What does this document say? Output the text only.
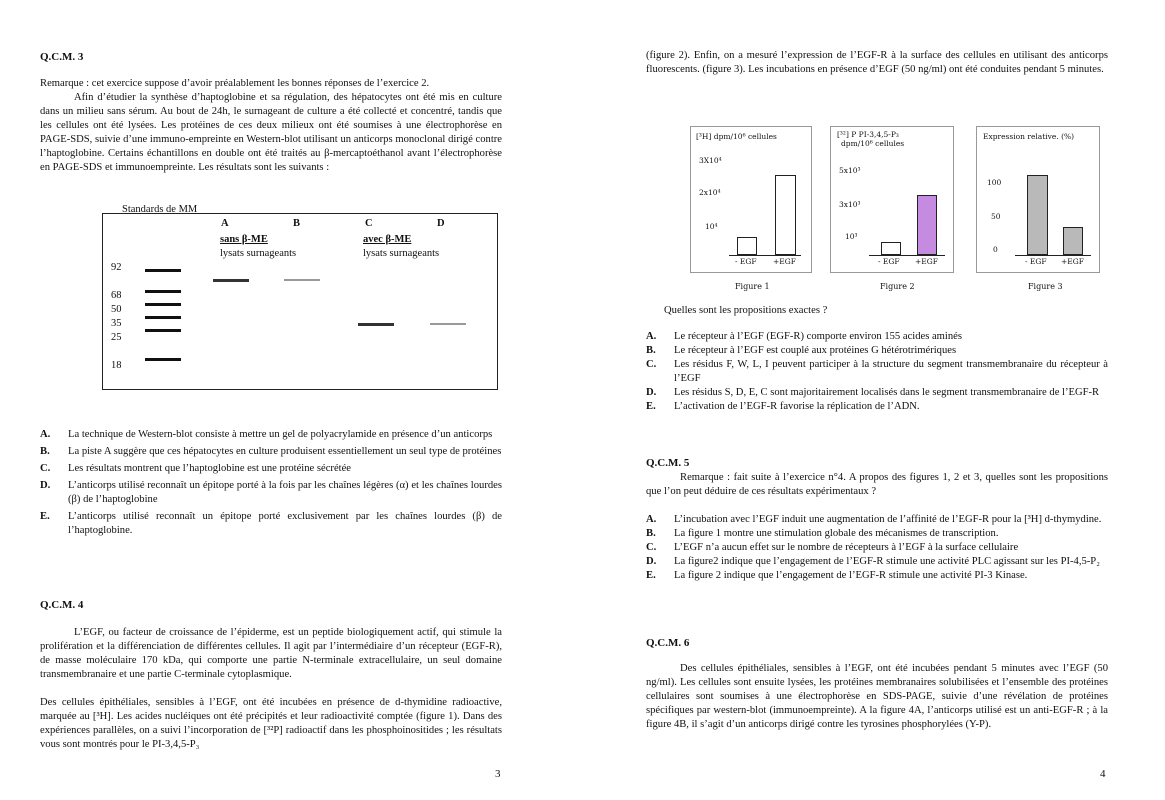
Q.C.M. 3
Remarque : cet exercice suppose d’avoir préalablement les bonnes réponses de l’exercice 2.
Afin d’étudier la synthèse d’haptoglobine et sa régulation, des hépatocytes ont été mis en culture dans un milieu sans sérum. Au bout de 24h, le surnageant de culture a été collecté et concentré, tandis que les cellules ont été lysées. Les protéines de ces deux milieux ont été soumises à une électrophorèse en PAGE-SDS, suivie d’une immuno-empreinte en Western-blot utilisant un anticorps monoclonal dirigé contre l’haptoglobine. Certains échantillons en double ont été traités au β-mercaptoéthanol avant l’électrophorèse en PAGE-SDS et immunoempreinte. Les résultats sont les suivants :
A.	La technique de Western-blot consiste à mettre un gel de polyacrylamide en présence d’un anticorps
B.	La piste A suggère que ces hépatocytes en culture produisent essentiellement un seul type de protéines
C.	Les résultats montrent que l’haptoglobine est une protéine sécrétée
D.	L’anticorps utilisé reconnaît un épitope porté à la fois par les chaînes légères (α) et les chaînes lourdes (β) de l’haptoglobine
E.	L’anticorps utilisé reconnaît un épitope porté exclusivement par les chaînes lourdes (β) de l’haptoglobine.
Q.C.M. 4
L’EGF, ou facteur de croissance de l’épiderme, est un peptide biologiquement actif, qui stimule la prolifération et la différenciation de différentes cellules. Il agit par l’intermédiaire d’un récepteur (EGF-R), de masse moléculaire 170 kDa, qui comporte une partie N-terminale extracellulaire, un seul domaine transmembranaire et une partie C-terminale cytoplasmique.
Des cellules épithéliales, sensibles à l’EGF, ont été incubées en présence de d-thymidine radioactive, marquée au [³H]. Les acides nucléiques ont été précipités et leur radioactivité comptée (figure 1). Dans des expériences parallèles, on a suivi l’incorporation de [³²P] radioactif dans les phosphoinositides ; les résultats vous sont montrés pour le PI-3,4,5-P₃
Standards de MM
A	B	C	D
sans β-ME	avec β-ME
lysats surnageants	lysats surnageants
92
68
50
35
25
18
3
(figure 2). Enfin, on a mesuré l’expression de l’EGF-R à la surface des cellules en utilisant des anticorps fluorescents. (figure 3). Les incubations en présence d’EGF (50 ng/ml) ont été conduites pendant 5 minutes.
[³H] dpm/10⁶ cellules
3X10⁴
2x10⁴
10⁴
- EGF +EGF
Figure 1
[³²] P PI-3,4,5-P₃
dpm/10⁶ cellules
5x10³
3x10³
10³
- EGF +EGF
Figure 2
Expression relative. (%)
100
50
0
- EGF +EGF
Figure 3
Quelles sont les propositions exactes ?
A.	Le récepteur à l’EGF (EGF-R) comporte environ 155 acides aminés
B.	Le récepteur à l’EGF est couplé aux protéines G hétérotrimériques
C.	Les résidus F, W, L, I peuvent participer à la structure du segment transmembranaire du récepteur à l’EGF
D.	Les résidus S, D, E, C sont majoritairement localisés dans le segment transmembranaire de l’EGF-R
E.	L’activation de l’EGF-R favorise la réplication de l’ADN.
Q.C.M. 5
Remarque : fait suite à l’exercice n°4. A propos des figures 1, 2 et 3, quelles sont les propositions que l’on peut déduire de ces résultats expérimentaux ?
A.	L’incubation avec l’EGF induit une augmentation de l’affinité de l’EGF-R pour la [³H] d-thymydine.
B.	La figure 1 montre une stimulation globale des mécanismes de transcription.
C.	L’EGF n’a aucun effet sur le nombre de récepteurs à l’EGF à la surface cellulaire
D.	La figure2 indique que l’engagement de l’EGF-R stimule une activité PLC agissant sur les PI-4,5-P₂
E.	La figure 2 indique que l’engagement de l’EGF-R stimule une activité PI-3 Kinase.
Q.C.M. 6
Des cellules épithéliales, sensibles à l’EGF, ont été incubées pendant 5 minutes avec l’EGF (50 ng/ml). Les cellules sont ensuite lysées, les protéines membranaires solubilisées et l’ensemble des protéines cellulaires sont soumises à une électrophorèse en SDS-PAGE, suivie d’une révélation de protéines spécifiques par western-blot (immunoempreinte). A la figure 4A, l’anticorps utilisé est un anti-EGF-R ; à la figure 4B, il s’agit d’un anticorps dirigé contre les tyrosines phosphorylées (Y-P).
4
